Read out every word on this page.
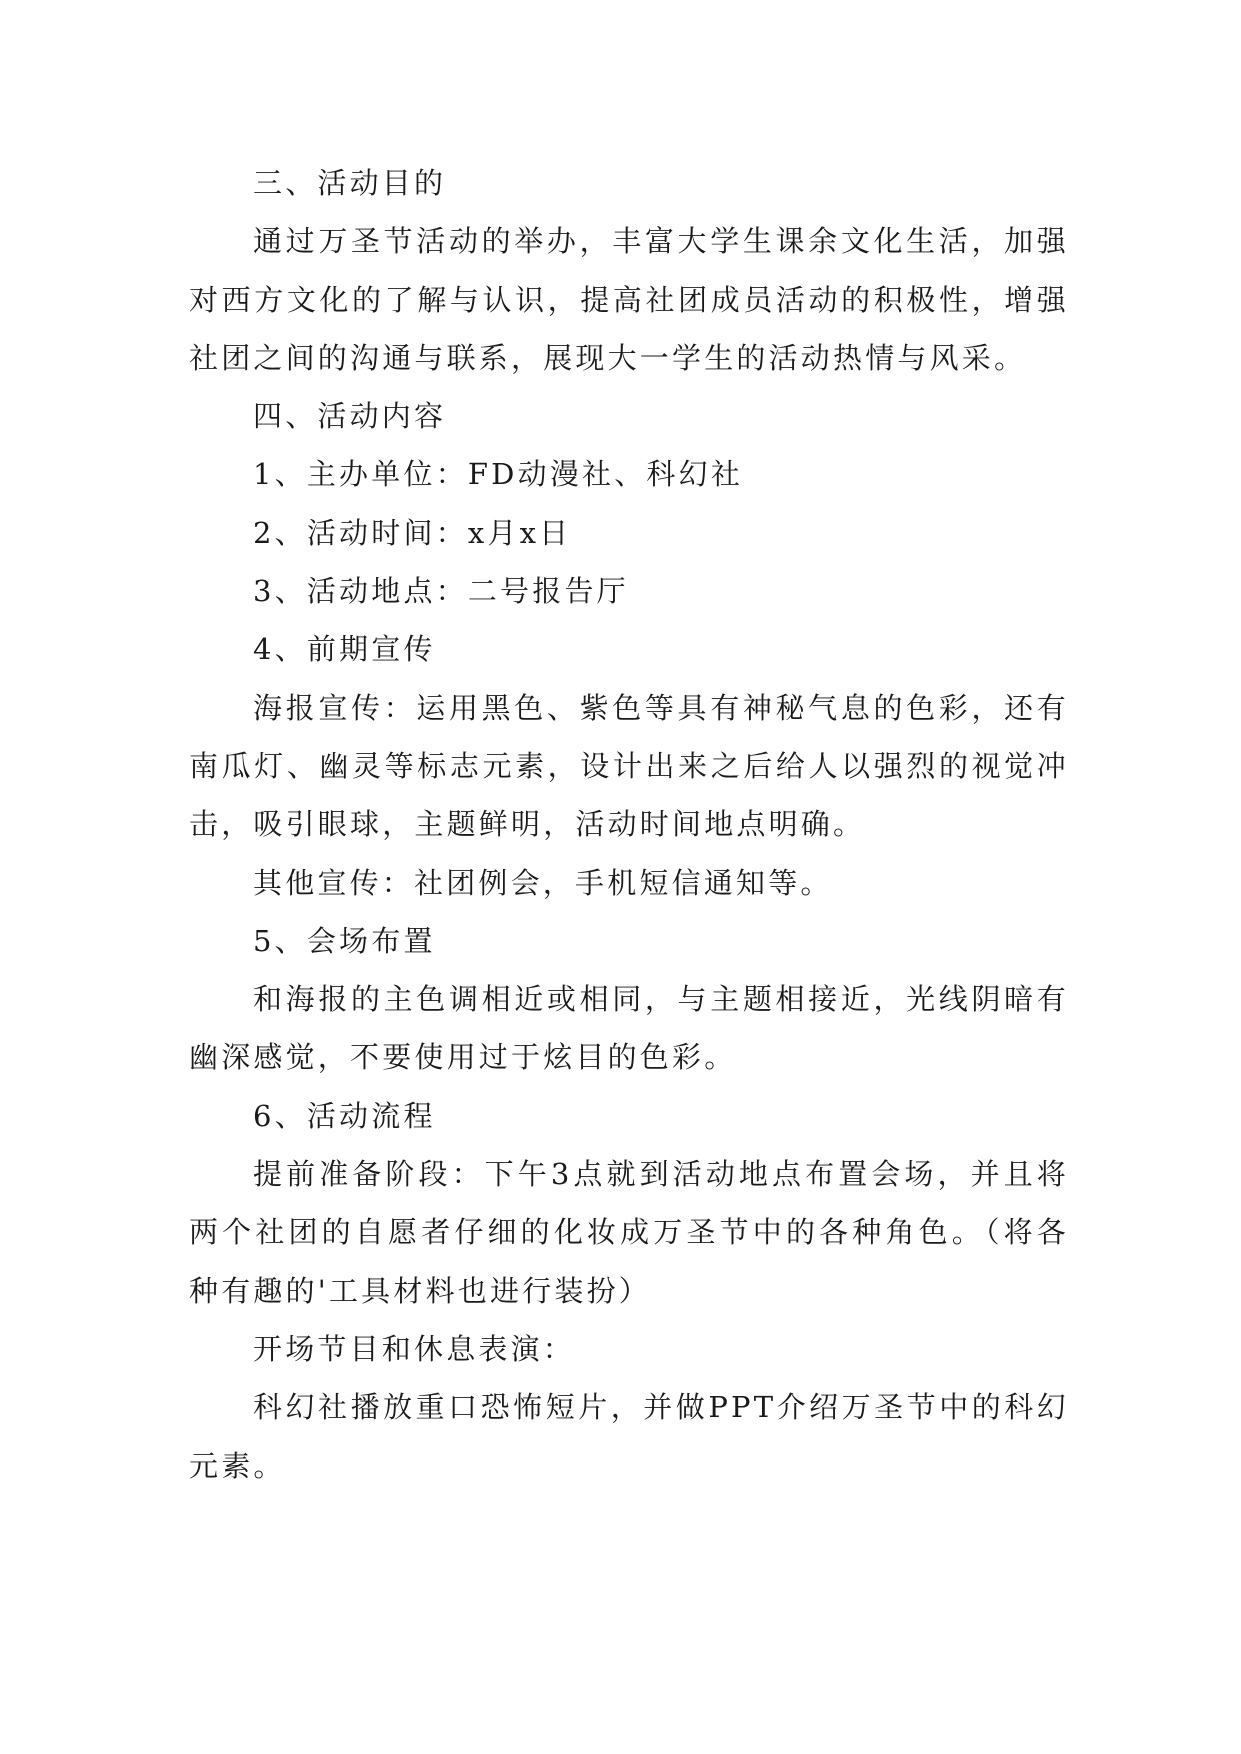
三、活动目的

通过万圣节活动的举办，丰富大学生课余文化生活，加强对西方文化的了解与认识，提高社团成员活动的积极性，增强社团之间的沟通与联系，展现大一学生的活动热情与风采。

四、活动内容

1、主办单位：FD动漫社、科幻社

2、活动时间：x月x日

3、活动地点：二号报告厅

4、前期宣传

海报宣传：运用黑色、紫色等具有神秘气息的色彩，还有南瓜灯、幽灵等标志元素，设计出来之后给人以强烈的视觉冲击，吸引眼球，主题鲜明，活动时间地点明确。

其他宣传：社团例会，手机短信通知等。

5、会场布置

和海报的主色调相近或相同，与主题相接近，光线阴暗有幽深感觉，不要使用过于炫目的色彩。

6、活动流程

提前准备阶段：下午3点就到活动地点布置会场，并且将两个社团的自愿者仔细的化妆成万圣节中的各种角色。（将各种有趣的'工具材料也进行装扮）

开场节目和休息表演：

科幻社播放重口恐怖短片，并做PPT介绍万圣节中的科幻元素。
